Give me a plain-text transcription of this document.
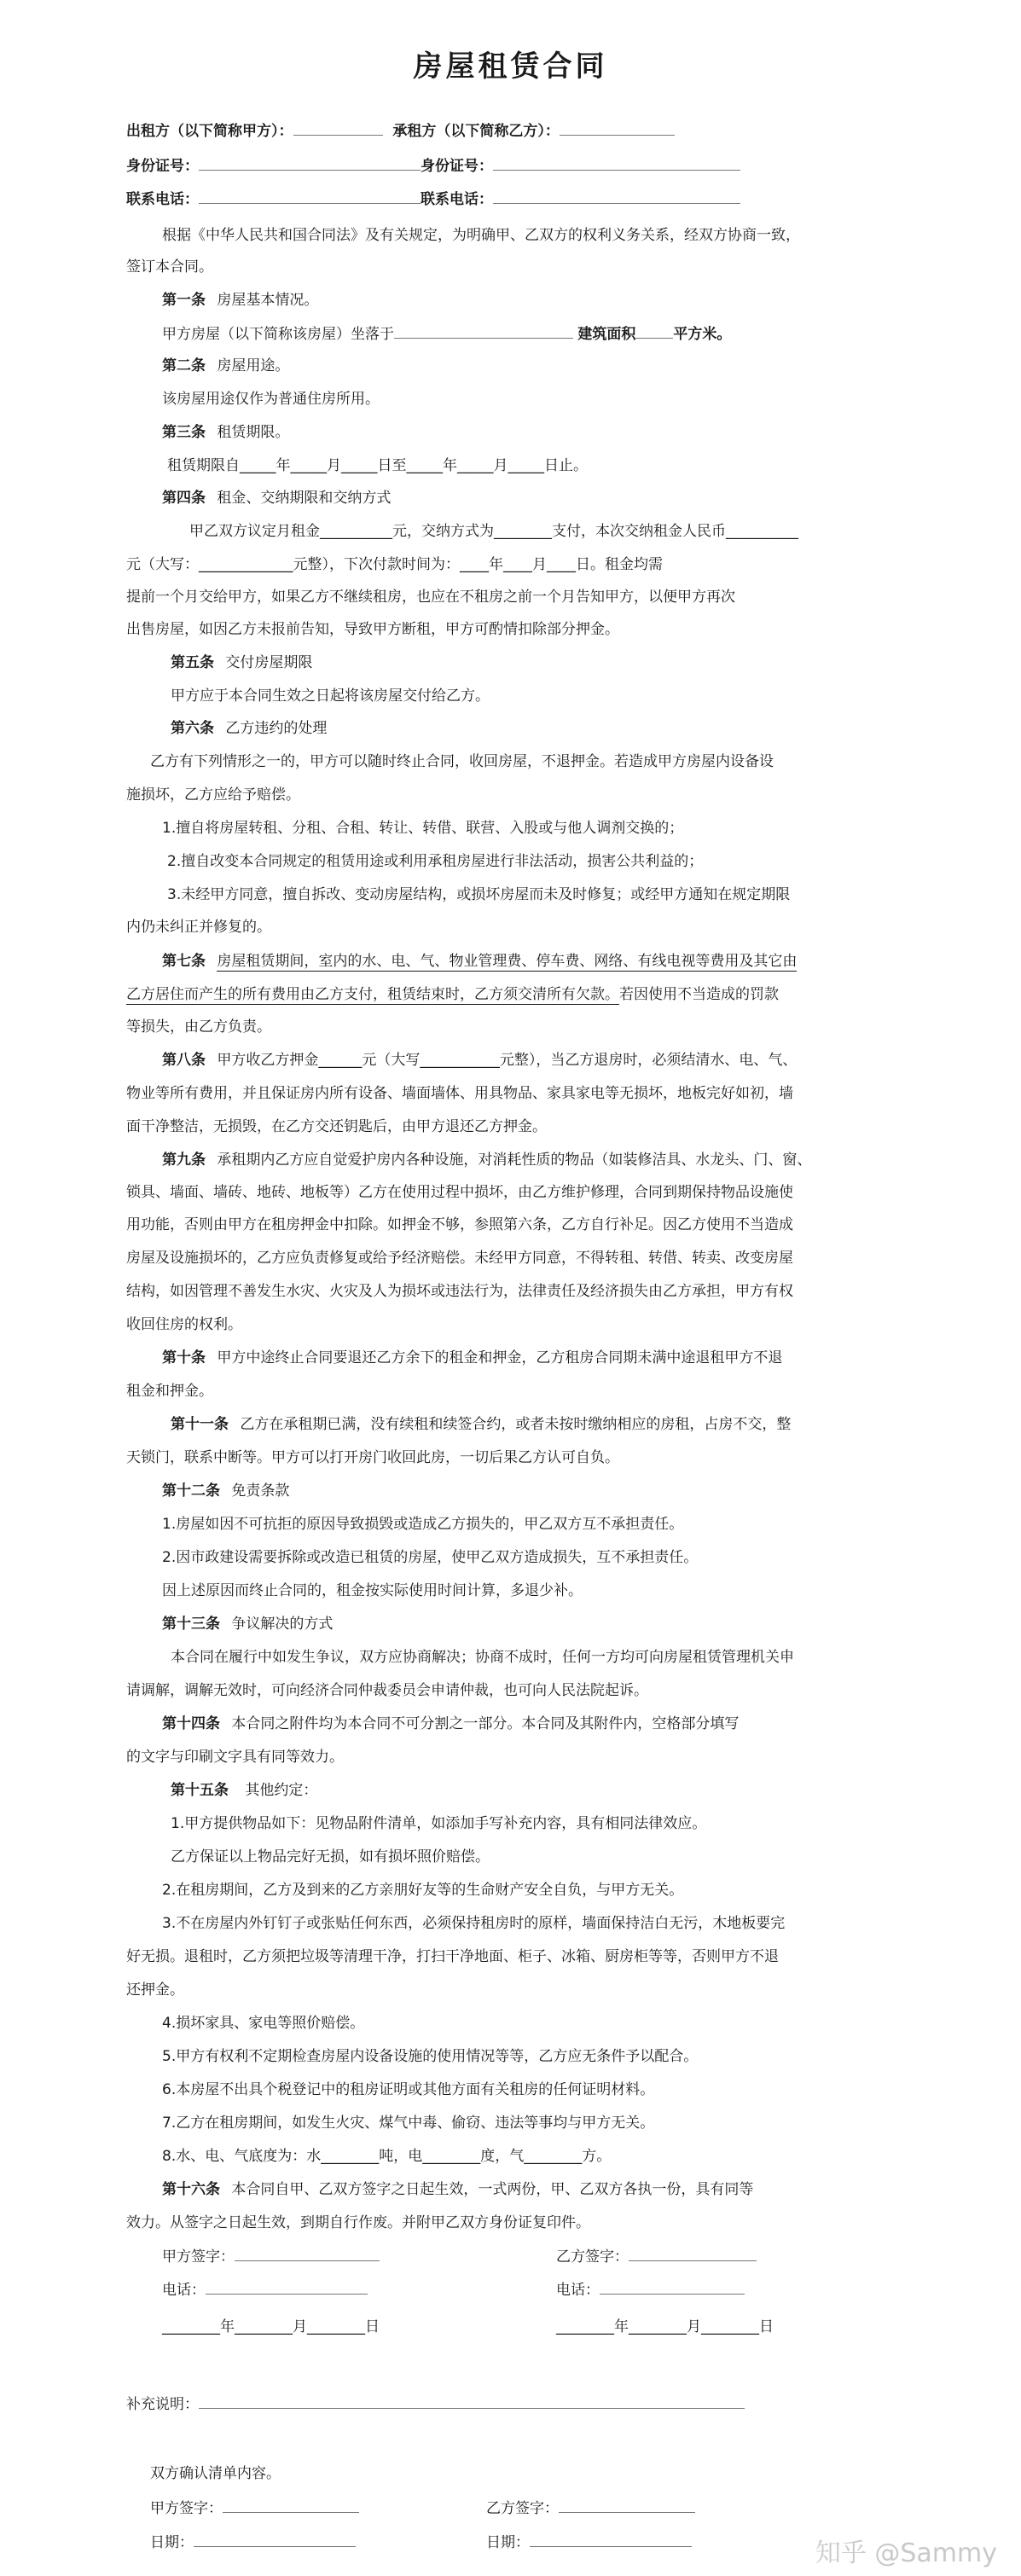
房屋租赁合同
出租方（以下简称甲方）：	承租方（以下简称乙方）：
身份证号：	身份证号：
联系电话：	联系电话：
根据《中华人民共和国合同法》及有关规定，为明确甲、乙双方的权利义务关系，经双方协商一致，
签订本合同。
第一条 房屋基本情况。
甲方房屋（以下简称该房屋）坐落于	建筑面积	平方米。
第二条 房屋用途。
该房屋用途仅作为普通住房所用。
第三条 租赁期限。
租赁期限自_____年_____月_____日至_____年_____月_____日止。
第四条 租金、交纳期限和交纳方式
甲乙双方议定月租金__________元，交纳方式为________支付，本次交纳租金人民币__________
元（大写：_____________元整），下次付款时间为：____年____月____日。租金均需
提前一个月交给甲方，如果乙方不继续租房，也应在不租房之前一个月告知甲方，以便甲方再次
出售房屋，如因乙方未报前告知，导致甲方断租，甲方可酌情扣除部分押金。
第五条 交付房屋期限
甲方应于本合同生效之日起将该房屋交付给乙方。
第六条 乙方违约的处理
乙方有下列情形之一的，甲方可以随时终止合同，收回房屋，不退押金。若造成甲方房屋内设备设
施损坏，乙方应给予赔偿。
1.擅自将房屋转租、分租、合租、转让、转借、联营、入股或与他人调剂交换的；
2.擅自改变本合同规定的租赁用途或利用承租房屋进行非法活动，损害公共利益的；
3.未经甲方同意，擅自拆改、变动房屋结构，或损坏房屋而未及时修复；或经甲方通知在规定期限
内仍未纠正并修复的。
第七条 房屋租赁期间，室内的水、电、气、物业管理费、停车费、网络、有线电视等费用及其它由
乙方居住而产生的所有费用由乙方支付，租赁结束时，乙方须交清所有欠款。若因使用不当造成的罚款
等损失，由乙方负责。
第八条 甲方收乙方押金______元（大写___________元整），当乙方退房时，必须结清水、电、气、
物业等所有费用，并且保证房内所有设备、墙面墙体、用具物品、家具家电等无损坏，地板完好如初，墙
面干净整洁，无损毁，在乙方交还钥匙后，由甲方退还乙方押金。
第九条 承租期内乙方应自觉爱护房内各种设施，对消耗性质的物品（如装修洁具、水龙头、门、窗、
锁具、墙面、墙砖、地砖、地板等）乙方在使用过程中损坏，由乙方维护修理，合同到期保持物品设施使
用功能，否则由甲方在租房押金中扣除。如押金不够，参照第六条，乙方自行补足。因乙方使用不当造成
房屋及设施损坏的，乙方应负责修复或给予经济赔偿。未经甲方同意，不得转租、转借、转卖、改变房屋
结构，如因管理不善发生水灾、火灾及人为损坏或违法行为，法律责任及经济损失由乙方承担，甲方有权
收回住房的权利。
第十条 甲方中途终止合同要退还乙方余下的租金和押金，乙方租房合同期未满中途退租甲方不退
租金和押金。
第十一条 乙方在承租期已满，没有续租和续签合约，或者未按时缴纳相应的房租，占房不交，整
天锁门，联系中断等。甲方可以打开房门收回此房，一切后果乙方认可自负。
第十二条 免责条款
1.房屋如因不可抗拒的原因导致损毁或造成乙方损失的，甲乙双方互不承担责任。
2.因市政建设需要拆除或改造已租赁的房屋，使甲乙双方造成损失，互不承担责任。
因上述原因而终止合同的，租金按实际使用时间计算，多退少补。
第十三条 争议解决的方式
本合同在履行中如发生争议，双方应协商解决；协商不成时，任何一方均可向房屋租赁管理机关申
请调解，调解无效时，可向经济合同仲裁委员会申请仲裁，也可向人民法院起诉。
第十四条 本合同之附件均为本合同不可分割之一部分。本合同及其附件内，空格部分填写
的文字与印刷文字具有同等效力。
第十五条 其他约定：
1.甲方提供物品如下：见物品附件清单，如添加手写补充内容，具有相同法律效应。
乙方保证以上物品完好无损，如有损坏照价赔偿。
2.在租房期间，乙方及到来的乙方亲朋好友等的生命财产安全自负，与甲方无关。
3.不在房屋内外钉钉子或张贴任何东西，必须保持租房时的原样，墙面保持洁白无污，木地板要完
好无损。退租时，乙方须把垃圾等清理干净，打扫干净地面、柜子、冰箱、厨房柜等等，否则甲方不退
还押金。
4.损坏家具、家电等照价赔偿。
5.甲方有权利不定期检查房屋内设备设施的使用情况等等，乙方应无条件予以配合。
6.本房屋不出具个税登记中的租房证明或其他方面有关租房的任何证明材料。
7.乙方在租房期间，如发生火灾、煤气中毒、偷窃、违法等事均与甲方无关。
8.水、电、气底度为：水________吨，电________度，气________方。
第十六条 本合同自甲、乙双方签字之日起生效，一式两份，甲、乙双方各执一份，具有同等
效力。从签字之日起生效，到期自行作废。并附甲乙双方身份证复印件。
甲方签字：	乙方签字：
电话：	电话：
________年________月________日	________年________月________日
补充说明：
双方确认清单内容。
甲方签字：	乙方签字：
日期：	日期：	知乎 @Sammy
